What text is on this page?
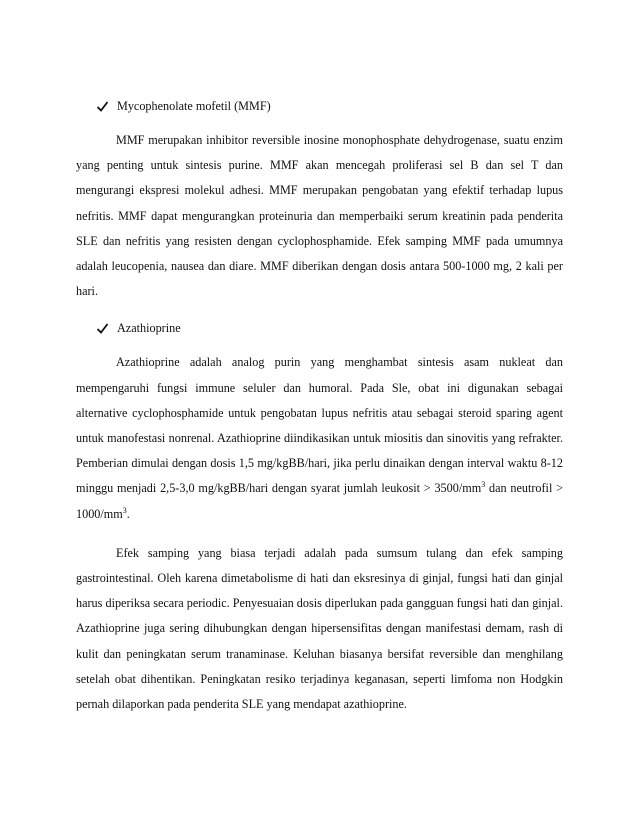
Mycophenolate mofetil (MMF)

MMF merupakan inhibitor reversible inosine monophosphate dehydrogenase, suatu enzim yang penting untuk sintesis purine. MMF akan mencegah proliferasi sel B dan sel T dan mengurangi ekspresi molekul adhesi. MMF merupakan pengobatan yang efektif terhadap lupus nefritis. MMF dapat mengurangkan proteinuria dan memperbaiki serum kreatinin pada penderita SLE dan nefritis yang resisten dengan cyclophosphamide. Efek samping MMF pada umumnya adalah leucopenia, nausea dan diare. MMF diberikan dengan dosis antara 500-1000 mg, 2 kali per hari.

Azathioprine

Azathioprine adalah analog purin yang menghambat sintesis asam nukleat dan mempengaruhi fungsi immune seluler dan humoral. Pada Sle, obat ini digunakan sebagai alternative cyclophosphamide untuk pengobatan lupus nefritis atau sebagai steroid sparing agent untuk manofestasi nonrenal. Azathioprine diindikasikan untuk miositis dan sinovitis yang refrakter. Pemberian dimulai dengan dosis 1,5 mg/kgBB/hari, jika perlu dinaikan dengan interval waktu 8-12 minggu menjadi 2,5-3,0 mg/kgBB/hari dengan syarat jumlah leukosit > $3500/mm^3$ dan neutrofil > $1000/mm^3$.

Efek samping yang biasa terjadi adalah pada sumsum tulang dan efek samping gastrointestinal. Oleh karena dimetabolisme di hati dan eksresinya di ginjal, fungsi hati dan ginjal harus diperiksa secara periodic. Penyesuaian dosis diperlukan pada gangguan fungsi hati dan ginjal. Azathioprine juga sering dihubungkan dengan hipersensifitas dengan manifestasi demam, rash di kulit dan peningkatan serum tranaminase. Keluhan biasanya bersifat reversible dan menghilang setelah obat dihentikan. Peningkatan resiko terjadinya keganasan, seperti limfoma non Hodgkin pernah dilaporkan pada penderita SLE yang mendapat azathioprine.
